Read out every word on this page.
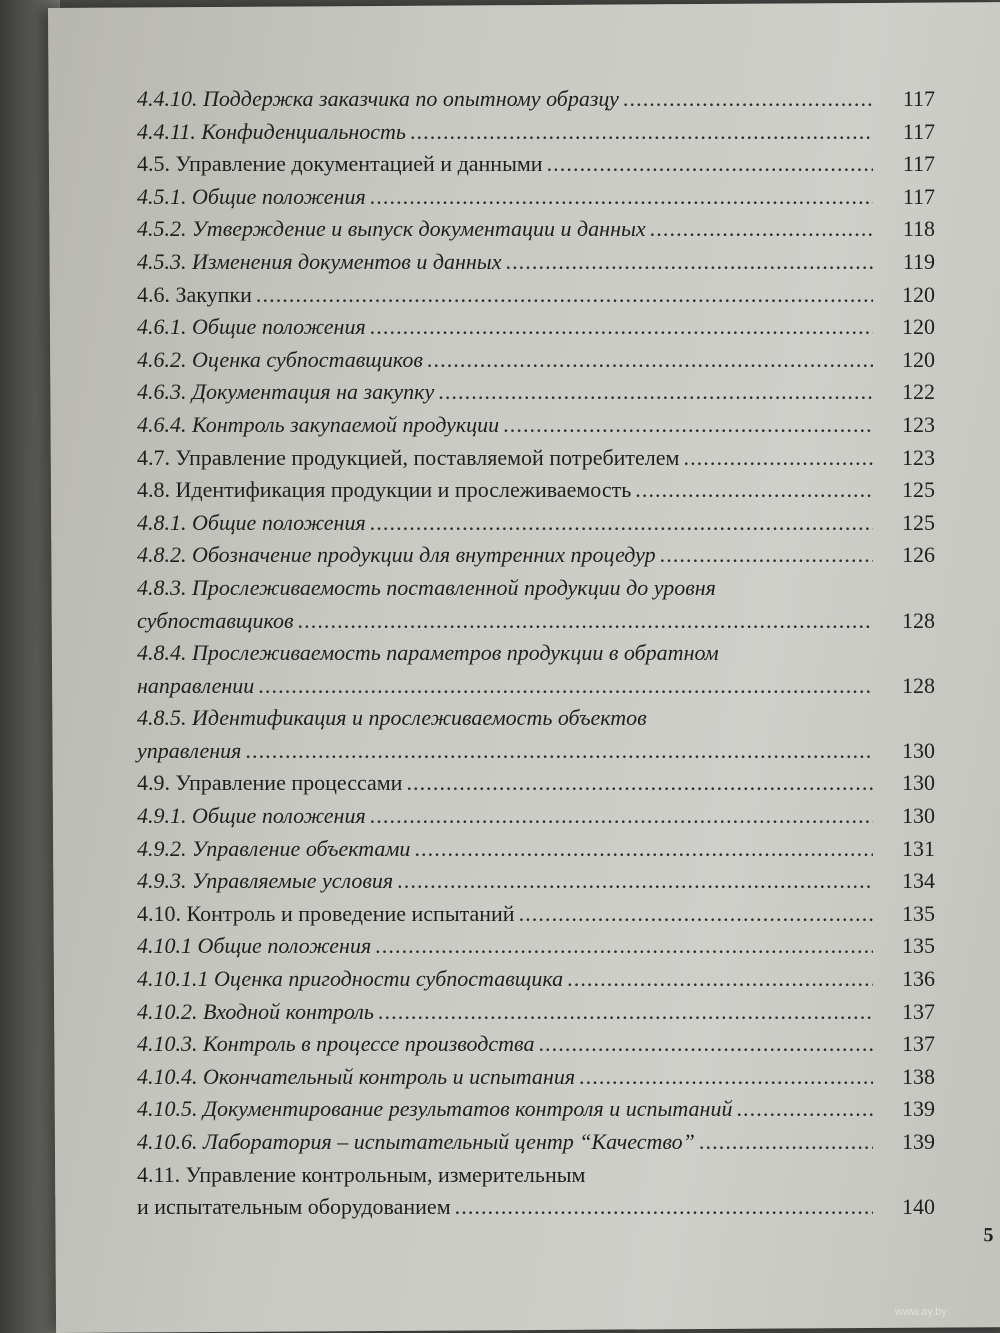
5
4.4.10. Поддержка заказчика по опытному образцу . . .	117
4.4.11. Конфиденциальность . . .	117
4.5. Управление документацией и данными . . .	117
4.5.1. Общие положения . . .	117
4.5.2. Утверждение и выпуск документации и данных . . .	118
4.5.3. Изменения документов и данных . . .	119
4.6. Закупки . . .	120
4.6.1. Общие положения . . .	120
4.6.2. Оценка субпоставщиков . . .	120
4.6.3. Документация на закупку . . .	122
4.6.4. Контроль закупаемой продукции . . .	123
4.7. Управление продукцией, поставляемой потребителем . . .	123
4.8. Идентификация продукции и прослеживаемость . . .	125
4.8.1. Общие положения . . .	125
4.8.2. Обозначение продукции для внутренних процедур . . .	126
4.8.3. Прослеживаемость поставленной продукции до уровня
субпоставщиков . . .	128
4.8.4. Прослеживаемость параметров продукции в обратном
направлении . . .	128
4.8.5. Идентификация и прослеживаемость объектов
управления . . .	130
4.9. Управление процессами . . .	130
4.9.1. Общие положения . . .	130
4.9.2. Управление объектами . . .	131
4.9.3. Управляемые условия . . .	134
4.10. Контроль и проведение испытаний . . .	135
4.10.1 Общие положения . . .	135
4.10.1.1 Оценка пригодности субпоставщика . . .	136
4.10.2. Входной контроль . . .	137
4.10.3. Контроль в процессе производства . . .	137
4.10.4. Окончательный контроль и испытания . . .	138
4.10.5. Документирование результатов контроля и испытаний . . .	139
4.10.6. Лаборатория – испытательный центр “Качество” . . .	139
4.11. Управление контрольным, измерительным
и испытательным оборудованием . . .	140
www.ay.by
